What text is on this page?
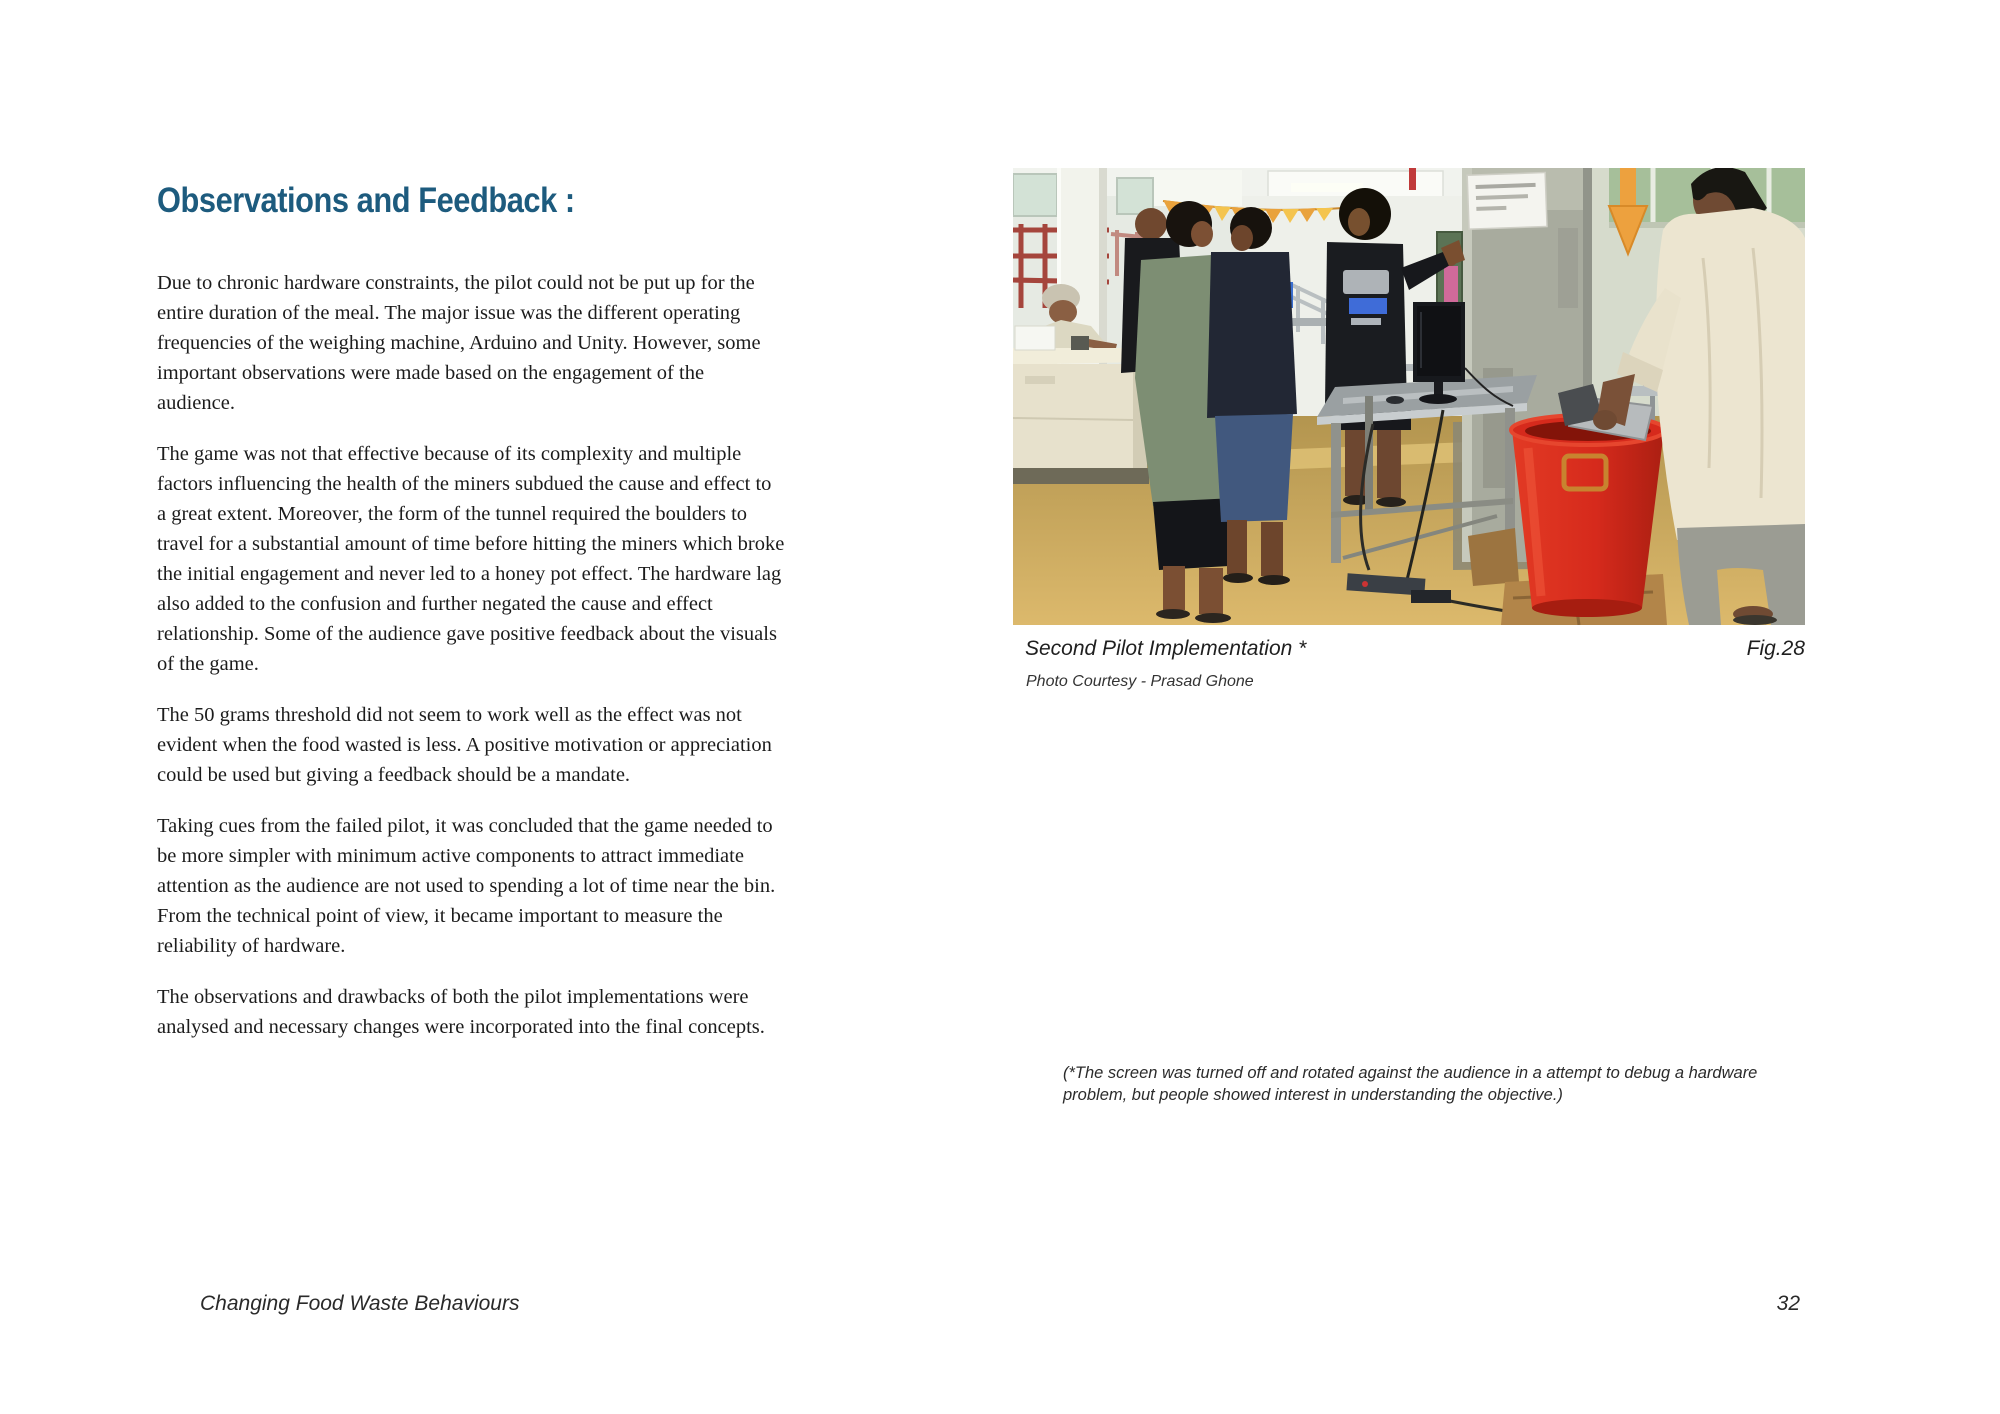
Observations and Feedback :

Due to chronic hardware constraints, the pilot could not be put up for the entire duration of the meal. The major issue was the different operating frequencies of the weighing machine, Arduino and Unity. However, some important observations were made based on the engagement of the audience.

The game was not that effective because of its complexity and multiple factors influencing the health of the miners subdued the cause and effect to a great extent. Moreover, the form of the tunnel required the boulders to travel for a substantial amount of time before hitting the miners which broke the initial engagement and never led to a honey pot effect. The hardware lag also added to the confusion and further negated the cause and effect relationship. Some of the audience gave positive feedback about the visuals of the game.

The 50 grams threshold did not seem to work well as the effect was not evident when the food wasted is less. A positive motivation or appreciation could be used but giving a feedback should be a mandate.

Taking cues from the failed pilot, it was concluded that the game needed to be more simpler with minimum active components to attract immediate attention as the audience are not used to spending a lot of time near the bin. From the technical point of view, it became important to measure the reliability of hardware.

The observations and drawbacks of both the pilot implementations were analysed and necessary changes were incorporated into the final concepts.

Second Pilot Implementation *	Fig.28
Photo Courtesy - Prasad Ghone
(*The screen was turned off and rotated against the audience in a attempt to debug a hardware problem, but people showed interest in understanding the objective.)
Changing Food Waste Behaviours	32
